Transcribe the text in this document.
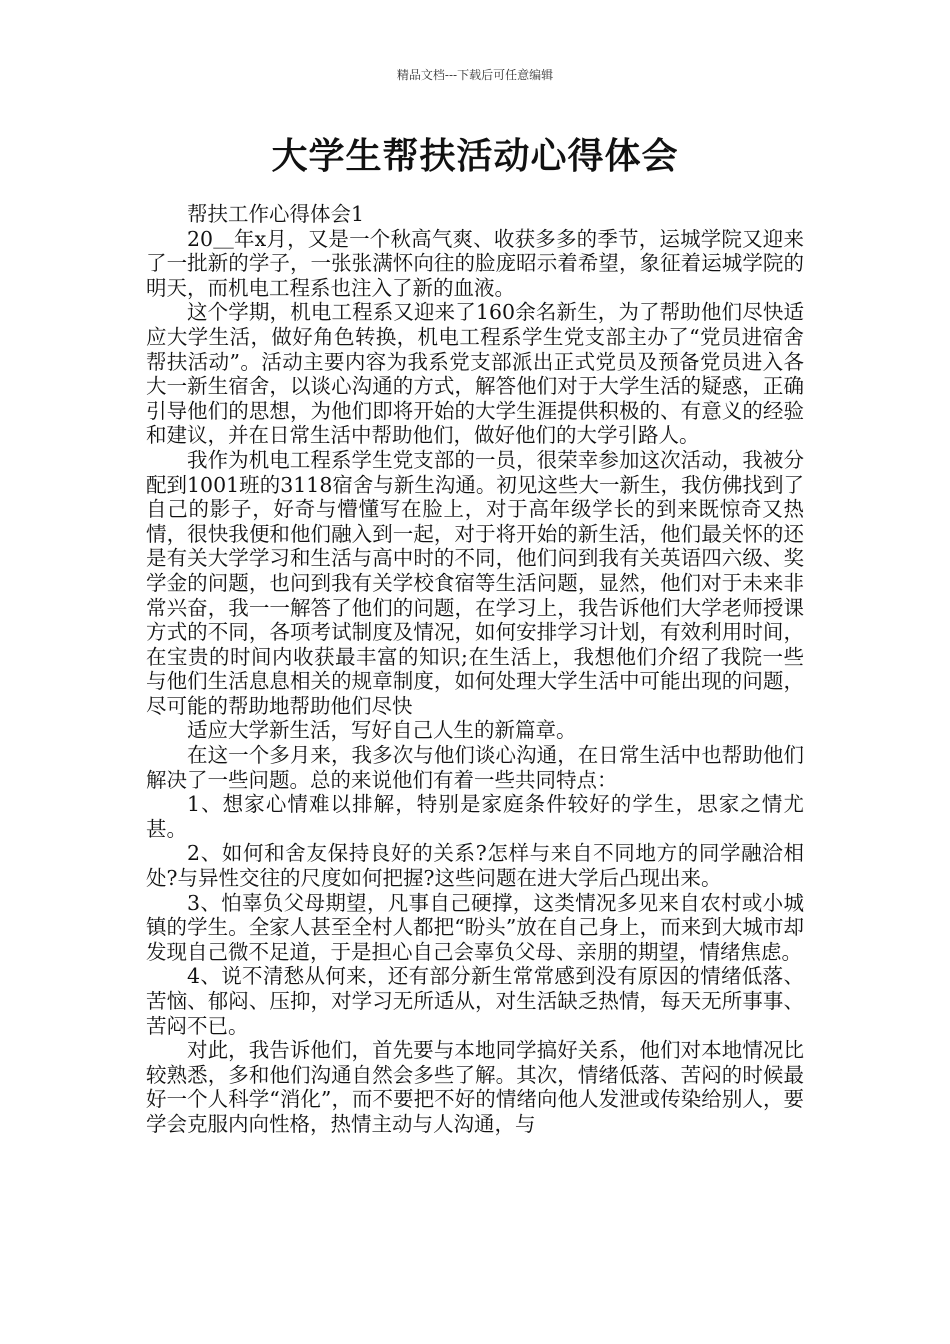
精品文档---下载后可任意编辑
大学生帮扶活动心得体会

帮扶工作心得体会1

20＿年x月，又是一个秋高气爽、收获多多的季节，运城学院又迎来了一批新的学子，一张张满怀向往的脸庞昭示着希望，象征着运城学院的明天，而机电工程系也注入了新的血液。

这个学期，机电工程系又迎来了160余名新生，为了帮助他们尽快适应大学生活，做好角色转换，机电工程系学生党支部主办了“党员进宿舍帮扶活动”。活动主要内容为我系党支部派出正式党员及预备党员进入各大一新生宿舍，以谈心沟通的方式，解答他们对于大学生活的疑惑，正确引导他们的思想，为他们即将开始的大学生涯提供积极的、有意义的经验和建议，并在日常生活中帮助他们，做好他们的大学引路人。

我作为机电工程系学生党支部的一员，很荣幸参加这次活动，我被分配到1001班的3118宿舍与新生沟通。初见这些大一新生，我仿佛找到了自己的影子，好奇与懵懂写在脸上，对于高年级学长的到来既惊奇又热情，很快我便和他们融入到一起，对于将开始的新生活，他们最关怀的还是有关大学学习和生活与高中时的不同，他们问到我有关英语四六级、奖学金的问题，也问到我有关学校食宿等生活问题，显然，他们对于未来非常兴奋，我一一解答了他们的问题，在学习上，我告诉他们大学老师授课方式的不同，各项考试制度及情况，如何安排学习计划，有效利用时间，在宝贵的时间内收获最丰富的知识;在生活上，我想他们介绍了我院一些与他们生活息息相关的规章制度，如何处理大学生活中可能出现的问题，尽可能的帮助地帮助他们尽快

适应大学新生活，写好自己人生的新篇章。

在这一个多月来，我多次与他们谈心沟通，在日常生活中也帮助他们解决了一些问题。总的来说他们有着一些共同特点：

1、想家心情难以排解，特别是家庭条件较好的学生，思家之情尤甚。

2、如何和舍友保持良好的关系?怎样与来自不同地方的同学融洽相处?与异性交往的尺度如何把握?这些问题在进大学后凸现出来。

3、怕辜负父母期望，凡事自己硬撑，这类情况多见来自农村或小城镇的学生。全家人甚至全村人都把“盼头”放在自己身上，而来到大城市却发现自己微不足道，于是担心自己会辜负父母、亲朋的期望，情绪焦虑。

4、说不清愁从何来，还有部分新生常常感到没有原因的情绪低落、苦恼、郁闷、压抑，对学习无所适从，对生活缺乏热情，每天无所事事、苦闷不已。

对此，我告诉他们，首先要与本地同学搞好关系，他们对本地情况比较熟悉，多和他们沟通自然会多些了解。其次，情绪低落、苦闷的时候最好一个人科学“消化”，而不要把不好的情绪向他人发泄或传染给别人，要学会克服内向性格，热情主动与人沟通，与
